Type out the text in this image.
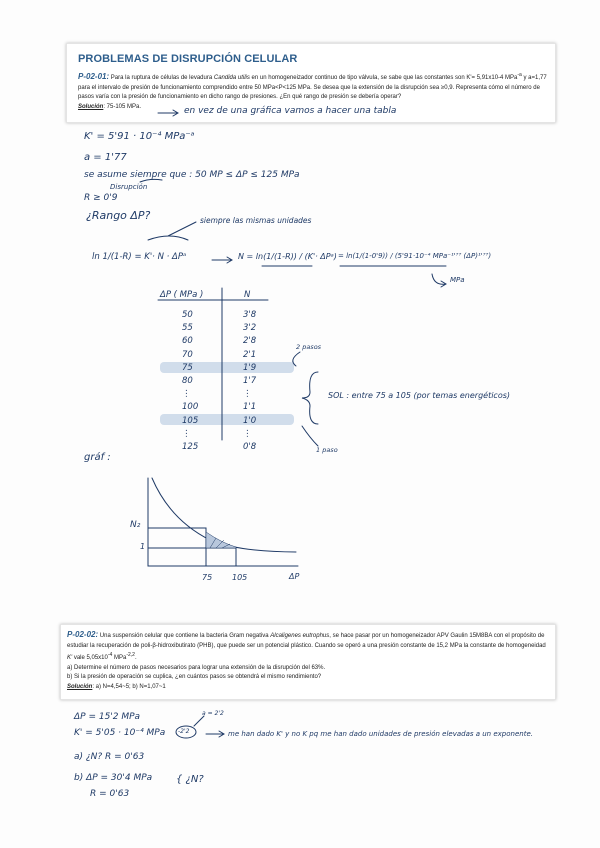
PROBLEMAS DE DISRUPCIÓN CELULAR
P-02-01: Para la ruptura de células de levadura Candida utilis en un homogeneizador continuo de tipo válvula, se sabe que las constantes son K'= 5,91x10-4 MPa$^{-a}$ y a=1,77 para el intervalo de presión de funcionamiento comprendido entre 50 MPa<P<125 MPa. Se desea que la extensión de la disrupción sea ≥0,9. Representa cómo el número de pasos varía con la presión de funcionamiento en dicho rango de presiones. ¿En qué rango de presión se debería operar?
Solución: 75-105 MPa.
P-02-02: Una suspensión celular que contiene la bacteria Gram negativa Alcaligenes eutrophus, se hace pasar por un homogeneizador APV Gaulin 15M8BA con el propósito de estudiar la recuperación de poli-β-hidroxibutirato (PHB), que puede ser un potencial plástico. Cuando se operó a una presión constante de 15,2 MPa la constante de homogeneidad K' vale $5,05x10^{-4}$ MPa$^{-2,2}$.
a) Determine el número de pasos necesarios para lograr una extensión de la disrupción del 63%.
b) Si la presión de operación se cuplica, ¿en cuántos pasos se obtendrá el mismo rendimiento?
Solución: a) N=4,54~5; b) N=1,07~1
en vez de una gráfica vamos a hacer una tabla
K' = 5'91 · 10⁻⁴ MPa⁻ᵃ
a = 1'77
se asume siempre que : 50 MP ≤ ΔP ≤ 125 MPa
Disrupción
R ≥ 0'9
¿Rango ΔP?	siempre las mismas unidades
ln 1/(1-R) = K'· N · ΔPᵃ	N = ln(1/(1-R)) / (K'· ΔPᵃ) = ln(1/(1-0'9)) / (5'91·10⁻⁴ MPa⁻¹'⁷⁷ (ΔP)¹'⁷⁷)
MPa
ΔP ( MPa )	N
50	3'8
55	3'2
60	2'8
70	2'1
75	1'9
80	1'7
⋮	⋮
100	1'1
105	1'0
⋮	⋮
125	0'8
2 pasos
1 paso
SOL : entre 75 a 105 (por temas energéticos)
gráf :
N₂
1
75 105	ΔP
ΔP = 15'2 MPa
K' = 5'05 · 10⁻⁴ MPa -2'2
a = 2'2
me han dado K' y no K pq me han dado unidades de presión elevadas a un exponente.
a) ¿N? R = 0'63
b) ΔP = 30'4 MPa
R = 0'63
{ ¿N?
